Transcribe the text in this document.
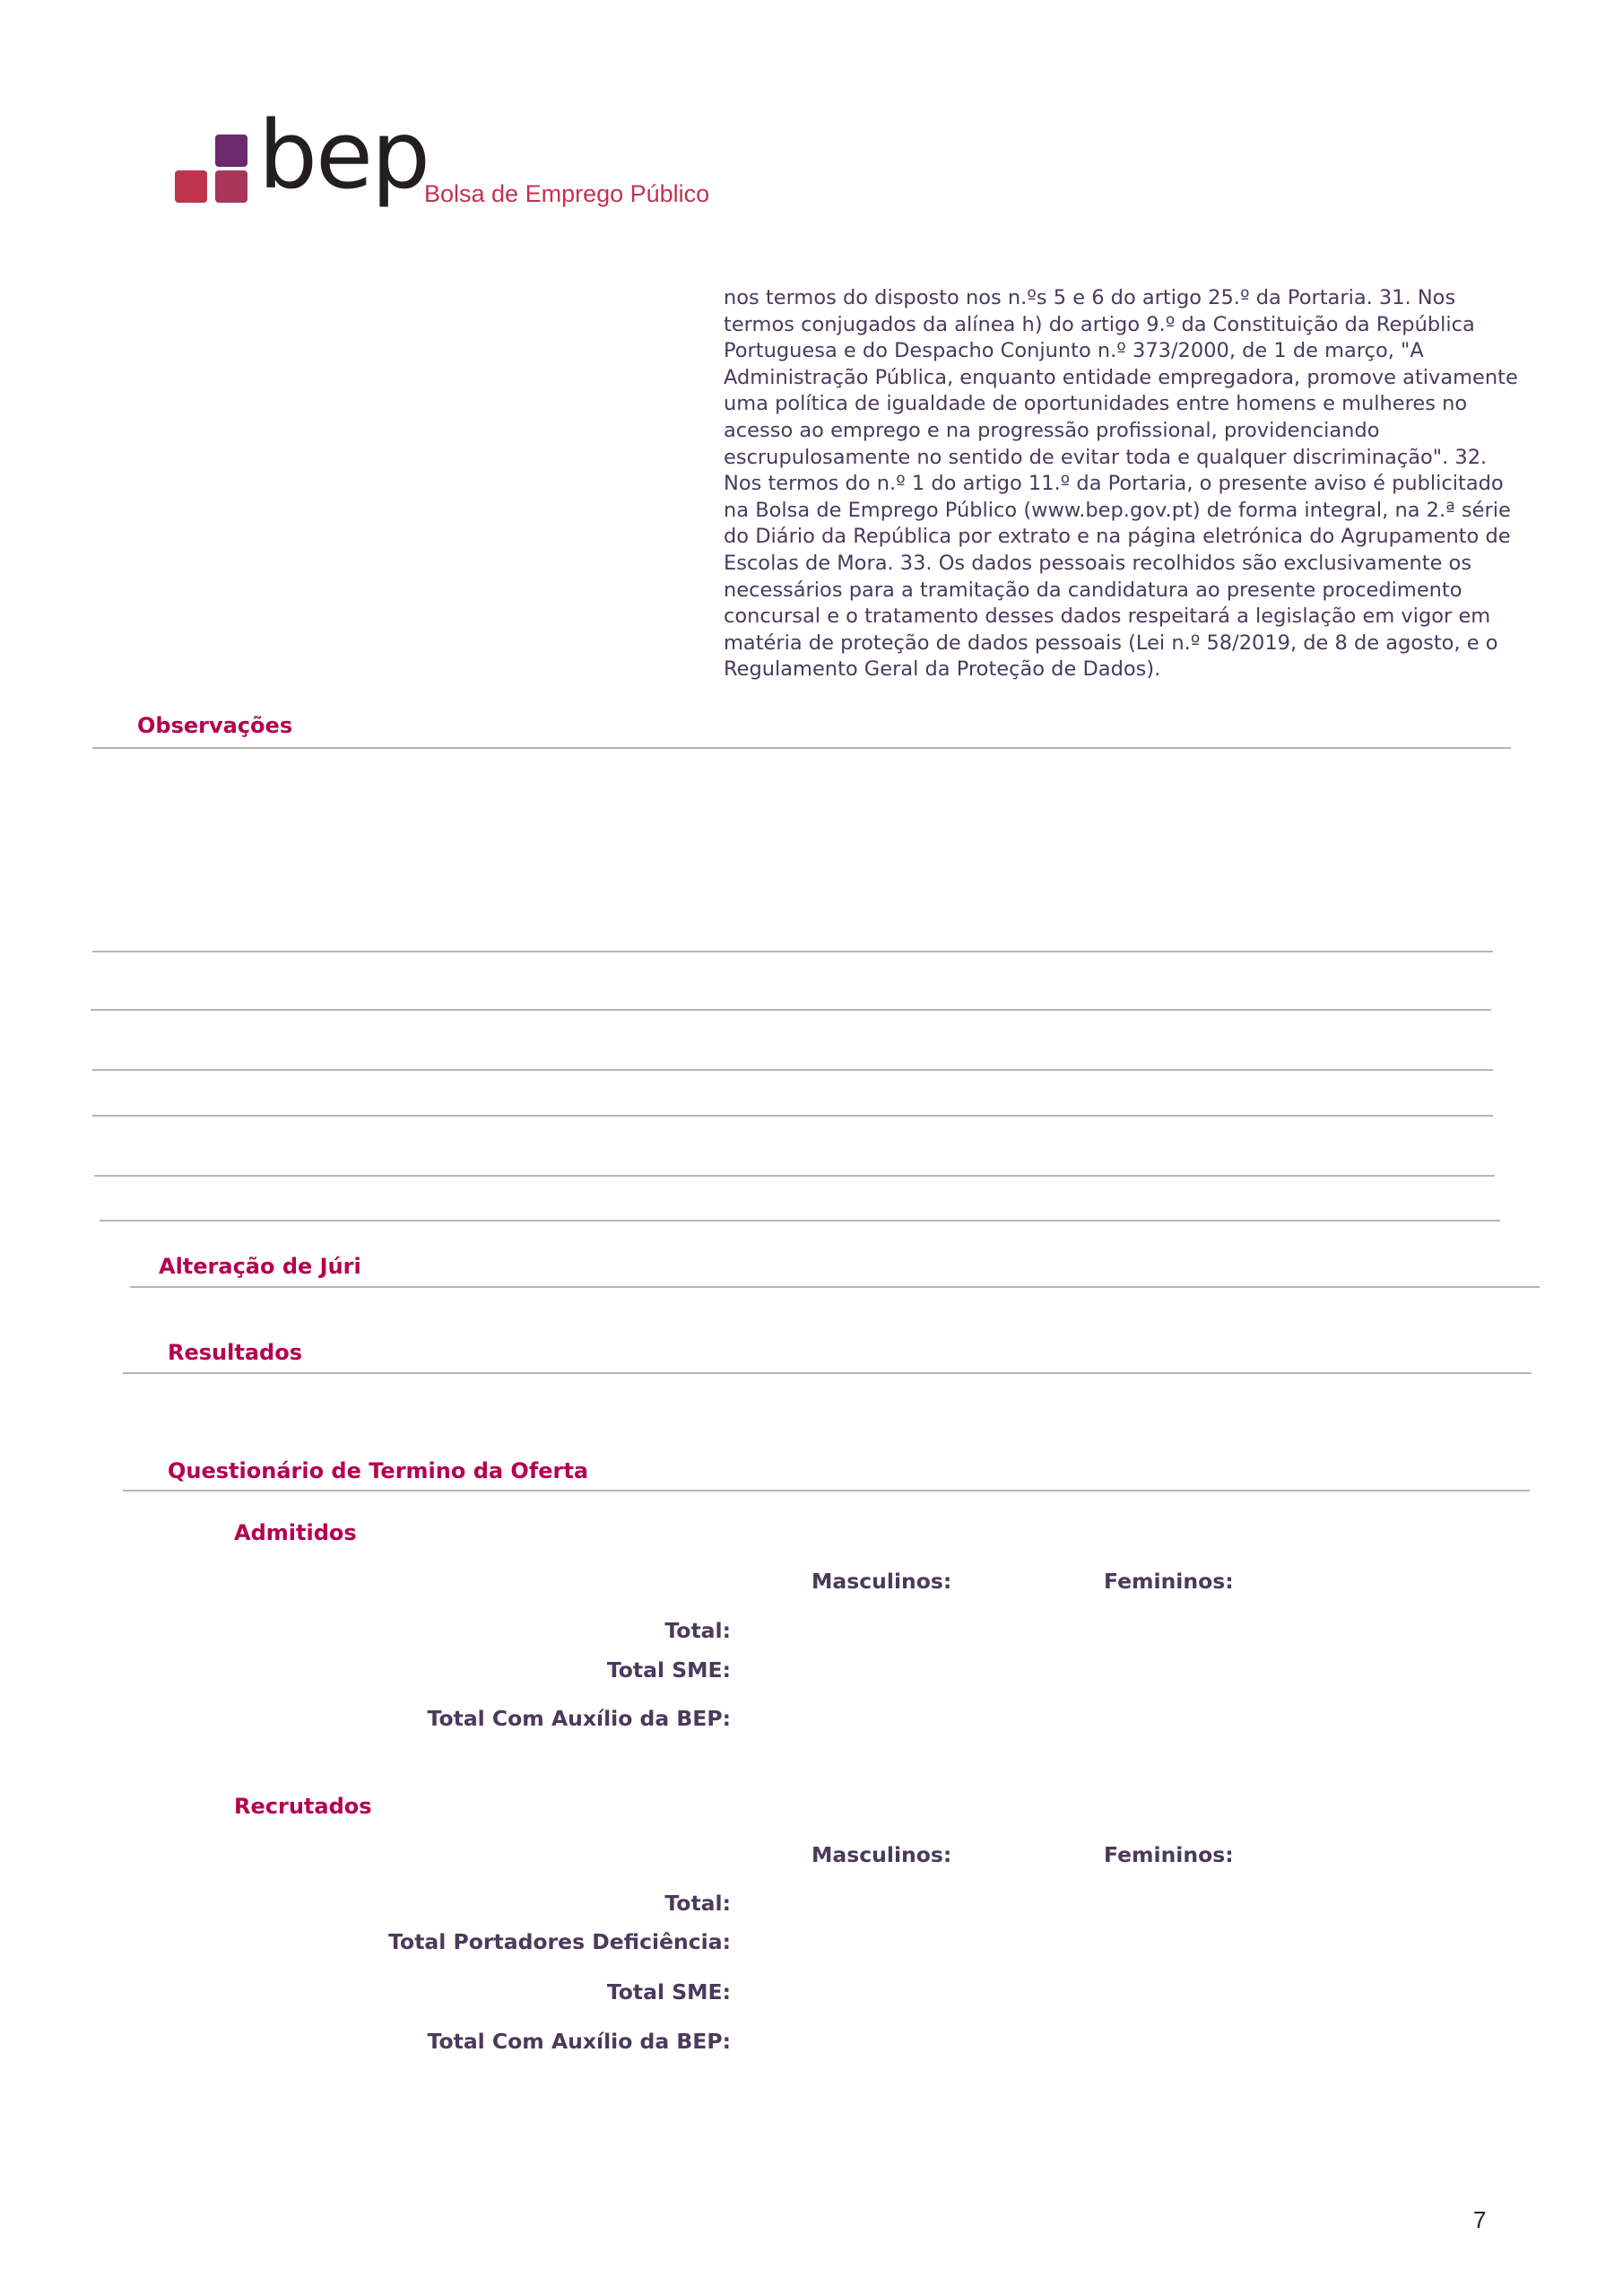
bep
Bolsa de Emprego Público

nos termos do disposto nos n.ºs 5 e 6 do artigo 25.º da Portaria. 31. Nos termos conjugados da alínea h) do artigo 9.º da Constituição da República Portuguesa e do Despacho Conjunto n.º 373/2000, de 1 de março, "A Administração Pública, enquanto entidade empregadora, promove ativamente uma política de igualdade de oportunidades entre homens e mulheres no acesso ao emprego e na progressão profissional, providenciando escrupulosamente no sentido de evitar toda e qualquer discriminação". 32. Nos termos do n.º 1 do artigo 11.º da Portaria, o presente aviso é publicitado na Bolsa de Emprego Público (www.bep.gov.pt) de forma integral, na 2.ª série do Diário da República por extrato e na página eletrónica do Agrupamento de Escolas de Mora. 33. Os dados pessoais recolhidos são exclusivamente os necessários para a tramitação da candidatura ao presente procedimento concursal e o tratamento desses dados respeitará a legislação em vigor em matéria de proteção de dados pessoais (Lei n.º 58/2019, de 8 de agosto, e o Regulamento Geral da Proteção de Dados).

Observações
Alteração de Júri
Resultados
Questionário de Termino da Oferta
Admitidos
Masculinos:	Femininos:
Total:
Total SME:
Total Com Auxílio da BEP:
Recrutados
Masculinos:	Femininos:
Total:
Total Portadores Deficiência:
Total SME:
Total Com Auxílio da BEP:
7
